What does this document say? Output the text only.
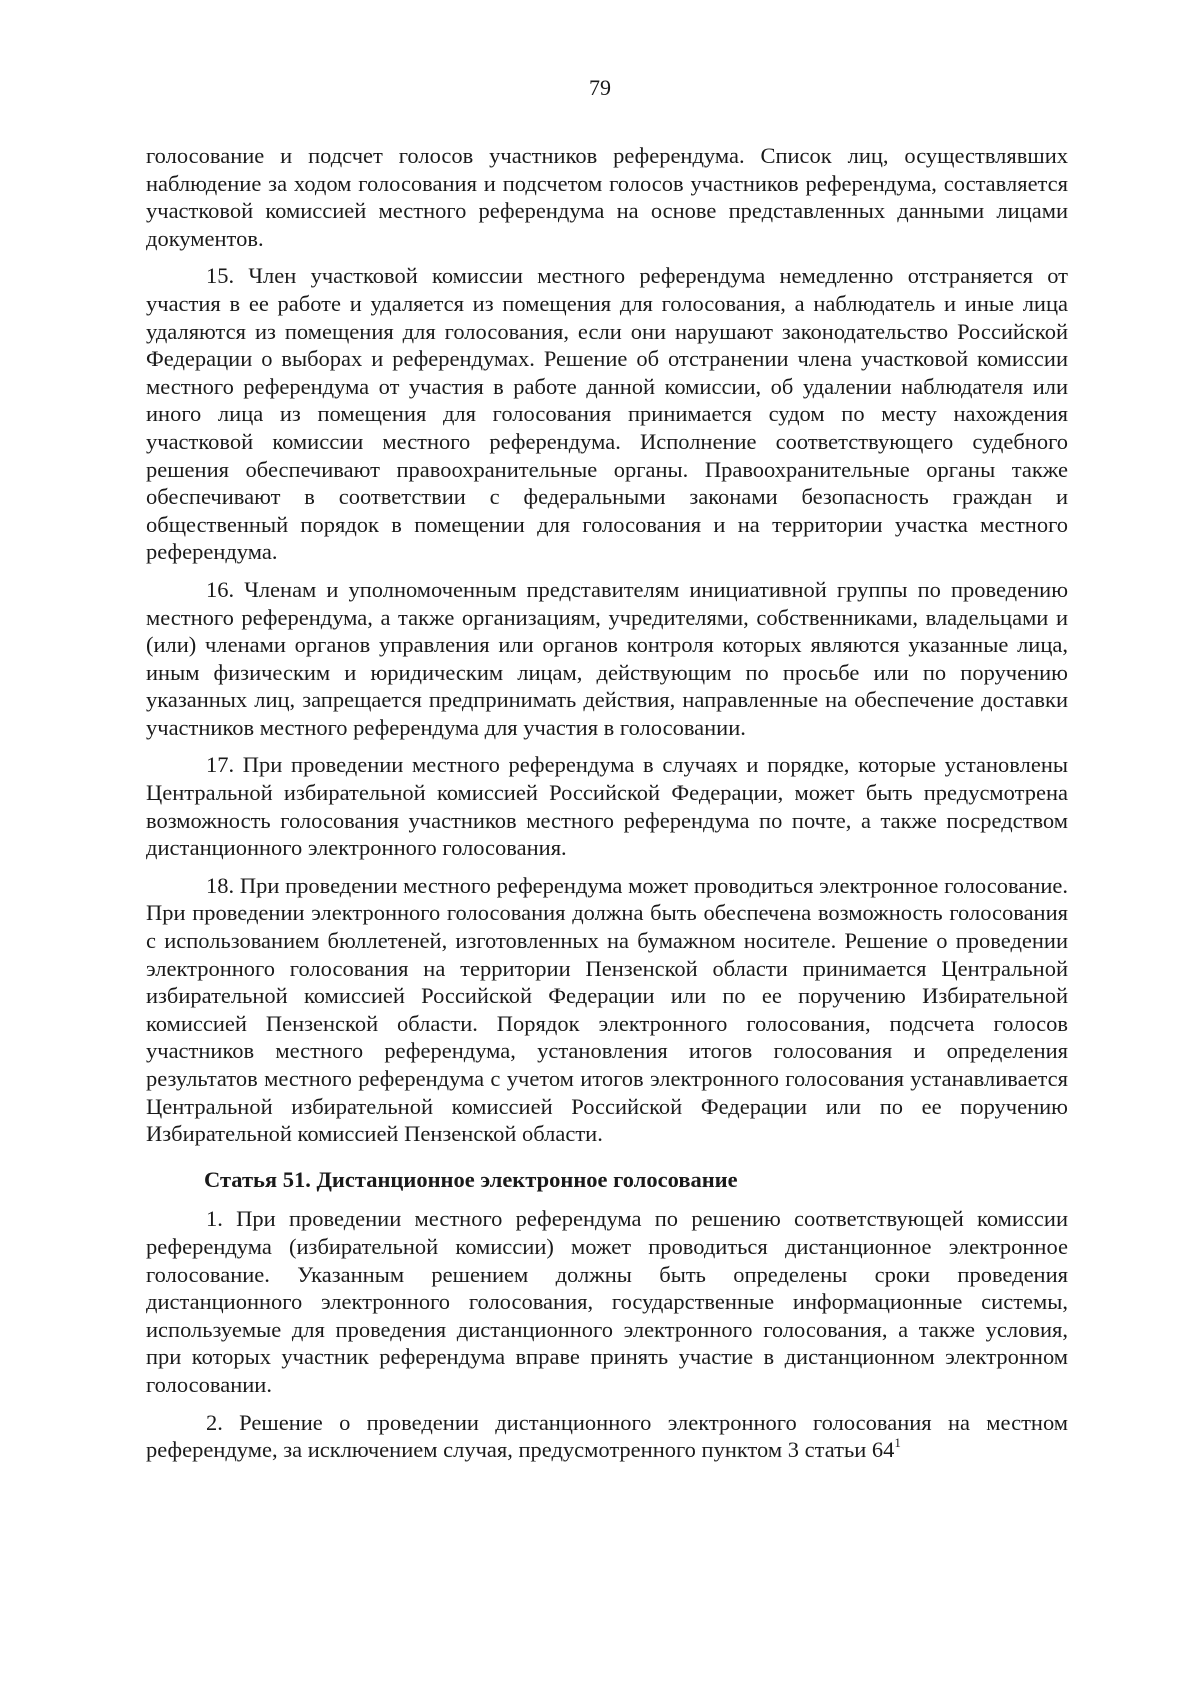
79

голосование и подсчет голосов участников референдума. Список лиц, осуществлявших наблюдение за ходом голосования и подсчетом голосов участников референдума, составляется участковой комиссией местного референдума на основе представленных данными лицами документов.

15. Член участковой комиссии местного референдума немедленно отстраняется от участия в ее работе и удаляется из помещения для голосования, а наблюдатель и иные лица удаляются из помещения для голосования, если они нарушают законодательство Российской Федерации о выборах и референдумах. Решение об отстранении члена участковой комиссии местного референдума от участия в работе данной комиссии, об удалении наблюдателя или иного лица из помещения для голосования принимается судом по месту нахождения участковой комиссии местного референдума. Исполнение соответствующего судебного решения обеспечивают правоохранительные органы. Правоохранительные органы также обеспечивают в соответствии с федеральными законами безопасность граждан и общественный порядок в помещении для голосования и на территории участка местного референдума.

16. Членам и уполномоченным представителям инициативной группы по проведению местного референдума, а также организациям, учредителями, собственниками, владельцами и (или) членами органов управления или органов контроля которых являются указанные лица, иным физическим и юридическим лицам, действующим по просьбе или по поручению указанных лиц, запрещается предпринимать действия, направленные на обеспечение доставки участников местного референдума для участия в голосовании.

17. При проведении местного референдума в случаях и порядке, которые установлены Центральной избирательной комиссией Российской Федерации, может быть предусмотрена возможность голосования участников местного референдума по почте, а также посредством дистанционного электронного голосования.

18. При проведении местного референдума может проводиться электронное голосование. При проведении электронного голосования должна быть обеспечена возможность голосования с использованием бюллетеней, изготовленных на бумажном носителе. Решение о проведении электронного голосования на территории Пензенской области принимается Центральной избирательной комиссией Российской Федерации или по ее поручению Избирательной комиссией Пензенской области. Порядок электронного голосования, подсчета голосов участников местного референдума, установления итогов голосования и определения результатов местного референдума с учетом итогов электронного голосования устанавливается Центральной избирательной комиссией Российской Федерации или по ее поручению Избирательной комиссией Пензенской области.

Статья 51. Дистанционное электронное голосование

1. При проведении местного референдума по решению соответствующей комиссии референдума (избирательной комиссии) может проводиться дистанционное электронное голосование. Указанным решением должны быть определены сроки проведения дистанционного электронного голосования, государственные информационные системы, используемые для проведения дистанционного электронного голосования, а также условия, при которых участник референдума вправе принять участие в дистанционном электронном голосовании.

2. Решение о проведении дистанционного электронного голосования на местном референдуме, за исключением случая, предусмотренного пунктом 3 статьи $64^1$
